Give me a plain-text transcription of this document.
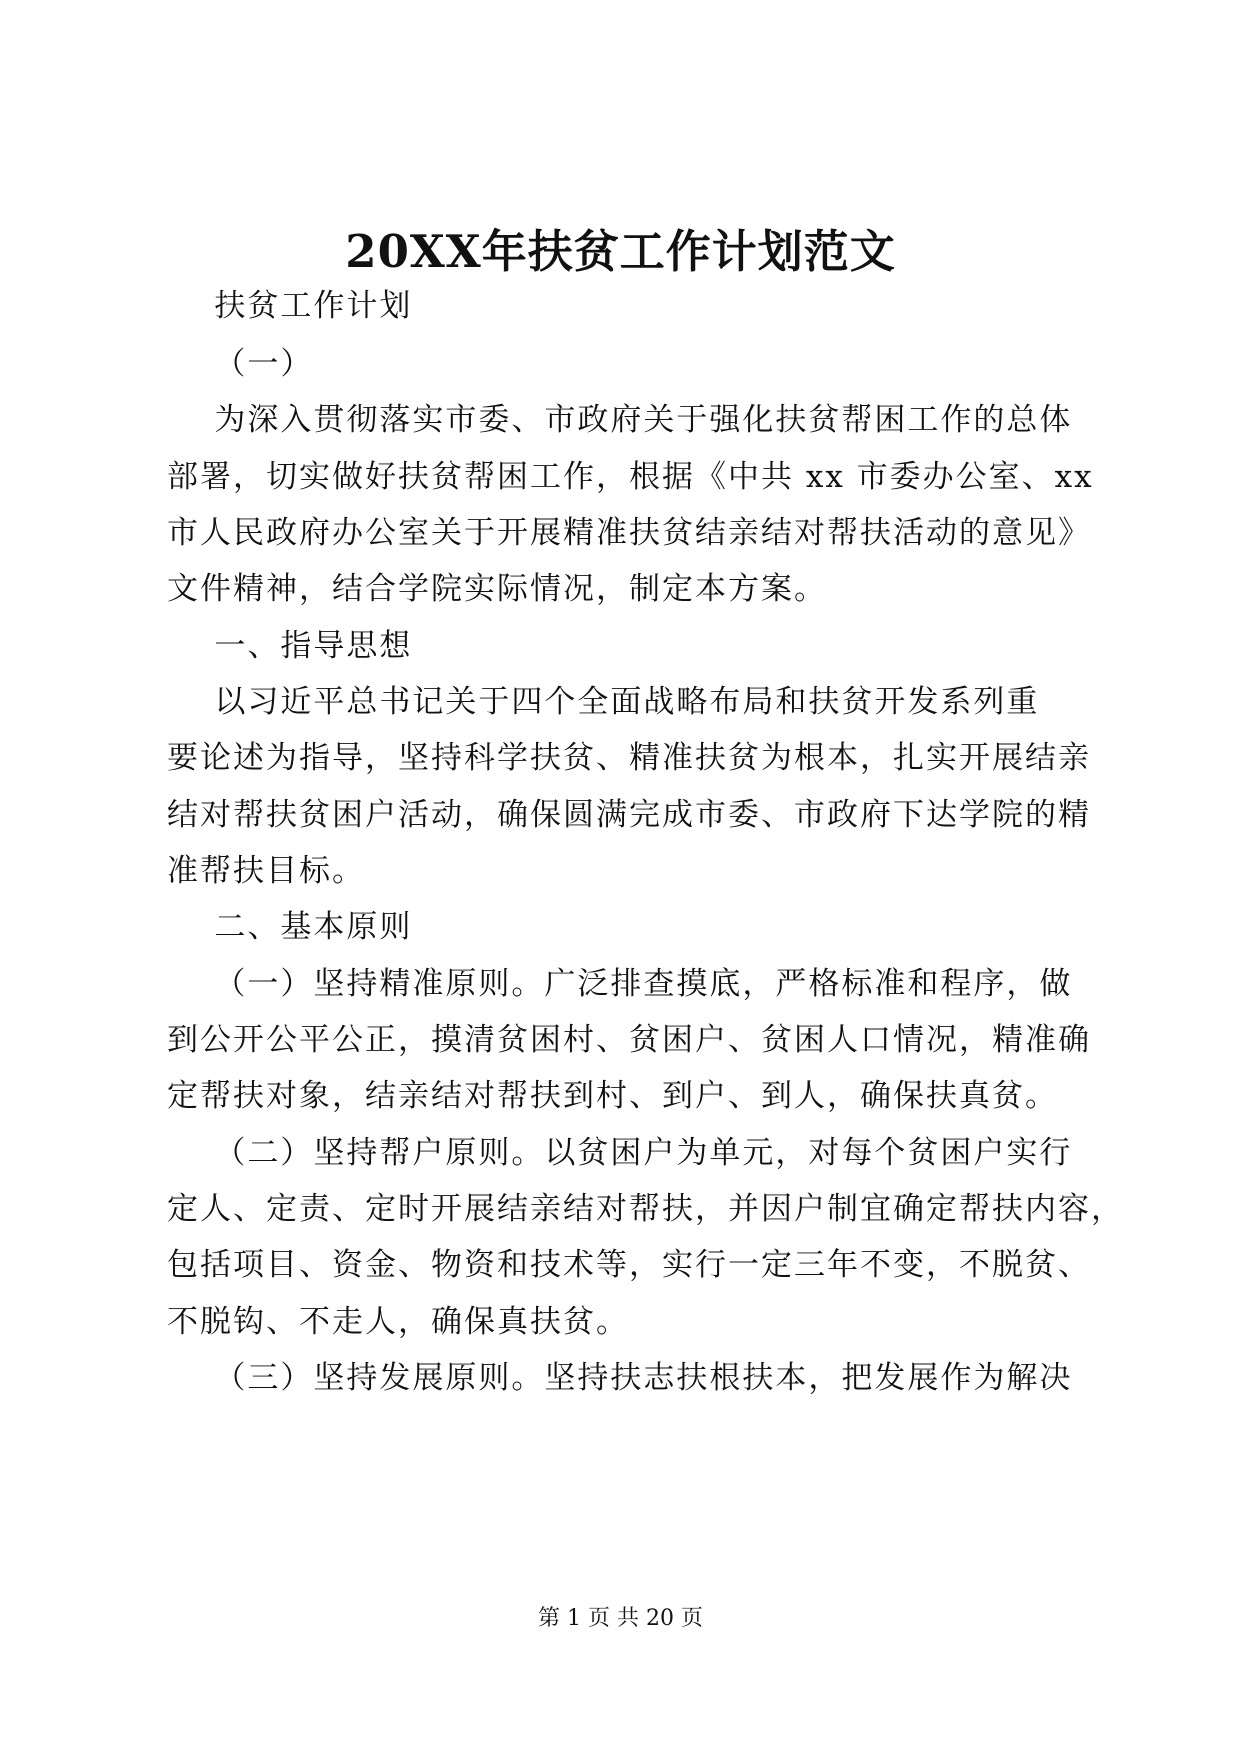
20XX年扶贫工作计划范文
扶贫工作计划
（一）
为深入贯彻落实市委、市政府关于强化扶贫帮困工作的总体
部署，切实做好扶贫帮困工作，根据《中共 xx 市委办公室、xx
市人民政府办公室关于开展精准扶贫结亲结对帮扶活动的意见》
文件精神，结合学院实际情况，制定本方案。
一、指导思想
以习近平总书记关于四个全面战略布局和扶贫开发系列重
要论述为指导，坚持科学扶贫、精准扶贫为根本，扎实开展结亲
结对帮扶贫困户活动，确保圆满完成市委、市政府下达学院的精
准帮扶目标。
二、基本原则
（一）坚持精准原则。广泛排查摸底，严格标准和程序，做
到公开公平公正，摸清贫困村、贫困户、贫困人口情况，精准确
定帮扶对象，结亲结对帮扶到村、到户、到人，确保扶真贫。
（二）坚持帮户原则。以贫困户为单元，对每个贫困户实行
定人、定责、定时开展结亲结对帮扶，并因户制宜确定帮扶内容，
包括项目、资金、物资和技术等，实行一定三年不变，不脱贫、
不脱钩、不走人，确保真扶贫。
（三）坚持发展原则。坚持扶志扶根扶本，把发展作为解决
第 1 页 共 20 页
